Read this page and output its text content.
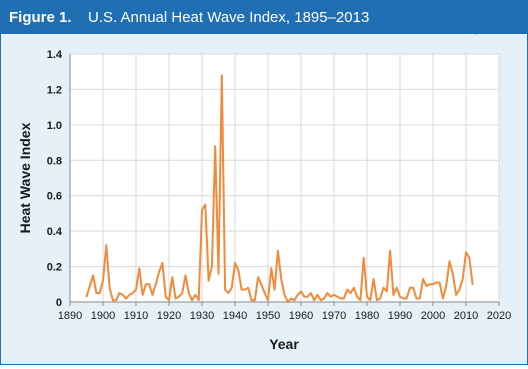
Figure 1. U.S. Annual Heat Wave Index, 1895–2013
1890 1900 1910 1920 1930 1940 1950 1960 1970 1980 1990 2000 2010 2020
0
0.2
0.4
0.6
0.8
1.0
1.2
1.4
Year
Heat Wave Index
